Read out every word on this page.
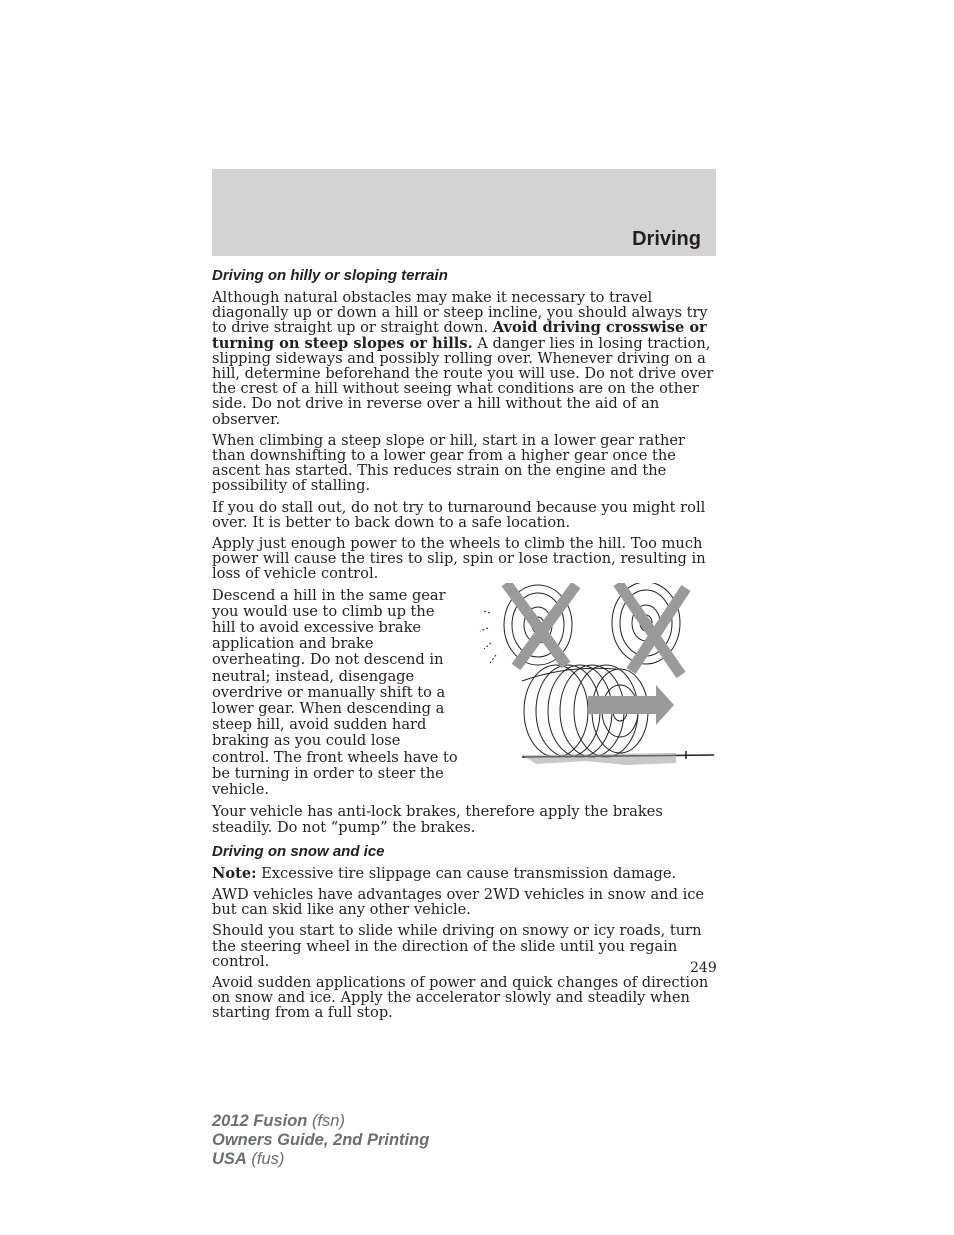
Driving
Driving on hilly or sloping terrain

Although natural obstacles may make it necessary to travel diagonally up or down a hill or steep incline, you should always try to drive straight up or straight down. Avoid driving crosswise or turning on steep slopes or hills. A danger lies in losing traction, slipping sideways and possibly rolling over. Whenever driving on a hill, determine beforehand the route you will use. Do not drive over the crest of a hill without seeing what conditions are on the other side. Do not drive in reverse over a hill without the aid of an observer.

When climbing a steep slope or hill, start in a lower gear rather than downshifting to a lower gear from a higher gear once the ascent has started. This reduces strain on the engine and the possibility of stalling.

If you do stall out, do not try to turnaround because you might roll over. It is better to back down to a safe location.

Apply just enough power to the wheels to climb the hill. Too much power will cause the tires to slip, spin or lose traction, resulting in loss of vehicle control.

Descend a hill in the same gear you would use to climb up the hill to avoid excessive brake application and brake overheating. Do not descend in neutral; instead, disengage overdrive or manually shift to a lower gear. When descending a steep hill, avoid sudden hard braking as you could lose control. The front wheels have to be turning in order to steer the vehicle.

Your vehicle has anti-lock brakes, therefore apply the brakes steadily. Do not “pump” the brakes.

Driving on snow and ice

Note: Excessive tire slippage can cause transmission damage.

AWD vehicles have advantages over 2WD vehicles in snow and ice but can skid like any other vehicle.

Should you start to slide while driving on snowy or icy roads, turn the steering wheel in the direction of the slide until you regain control.

Avoid sudden applications of power and quick changes of direction on snow and ice. Apply the accelerator slowly and steadily when starting from a full stop.

249
2012 Fusion (fsn)
Owners Guide, 2nd Printing
USA (fus)
